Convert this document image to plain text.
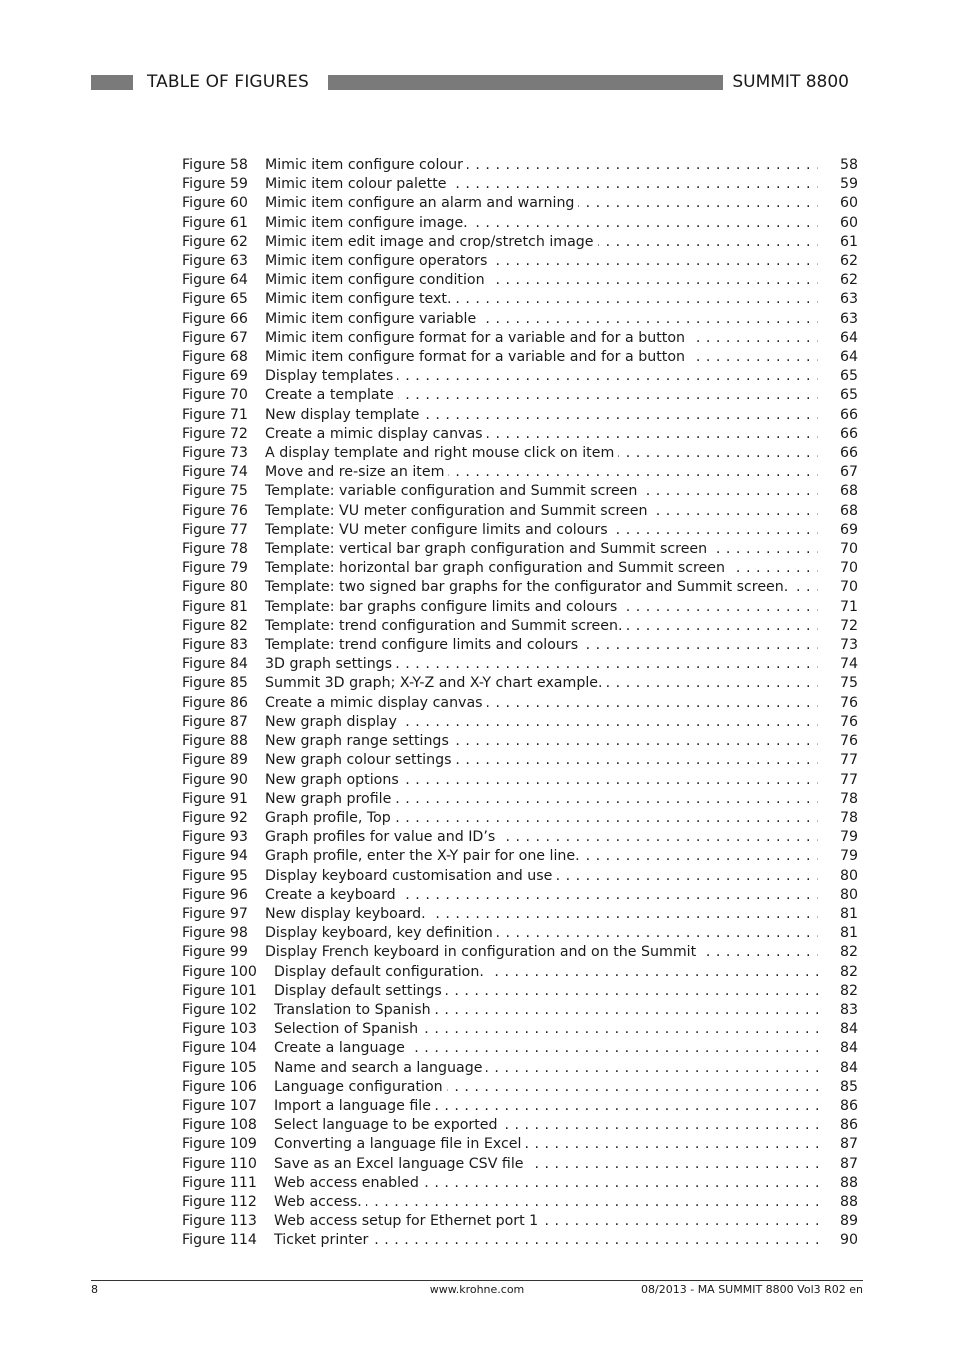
TABLE OF FIGURES	SUMMIT 8800
Figure 58 Mimic item configure colour . . .	58
Figure 59 Mimic item colour palette . . .	59
Figure 60 Mimic item configure an alarm and warning . . .	60
Figure 61 Mimic item configure image. . . .	60
Figure 62 Mimic item edit image and crop/stretch image . . .	61
Figure 63 Mimic item configure operators . . .	62
Figure 64 Mimic item configure condition . . .	62
Figure 65 Mimic item configure text. . . .	63
Figure 66 Mimic item configure variable . . .	63
Figure 67 Mimic item configure format for a variable and for a button . . .	64
Figure 68 Mimic item configure format for a variable and for a button . . .	64
Figure 69 Display templates . . .	65
Figure 70 Create a template . . .	65
Figure 71 New display template . . .	66
Figure 72 Create a mimic display canvas . . .	66
Figure 73 A display template and right mouse click on item . . .	66
Figure 74 Move and re-size an item . . .	67
Figure 75 Template: variable configuration and Summit screen . . .	68
Figure 76 Template: VU meter configuration and Summit screen . . .	68
Figure 77 Template: VU meter configure limits and colours . . .	69
Figure 78 Template: vertical bar graph configuration and Summit screen . . .	70
Figure 79 Template: horizontal bar graph configuration and Summit screen . . .	70
Figure 80 Template: two signed bar graphs for the configurator and Summit screen. . . .	70
Figure 81 Template: bar graphs configure limits and colours . . .	71
Figure 82 Template: trend configuration and Summit screen. . . .	72
Figure 83 Template: trend configure limits and colours . . .	73
Figure 84 3D graph settings . . .	74
Figure 85 Summit 3D graph; X-Y-Z and X-Y chart example. . . .	75
Figure 86 Create a mimic display canvas . . .	76
Figure 87 New graph display . . .	76
Figure 88 New graph range settings . . .	76
Figure 89 New graph colour settings . . .	77
Figure 90 New graph options . . .	77
Figure 91 New graph profile . . .	78
Figure 92 Graph profile, Top . . .	78
Figure 93 Graph profiles for value and ID’s . . .	79
Figure 94 Graph profile, enter the X-Y pair for one line. . . .	79
Figure 95 Display keyboard customisation and use . . .	80
Figure 96 Create a keyboard . . .	80
Figure 97 New display keyboard. . . .	81
Figure 98 Display keyboard, key definition . . .	81
Figure 99 Display French keyboard in configuration and on the Summit . . .	82
Figure 100 Display default configuration. . . .	82
Figure 101 Display default settings . . .	82
Figure 102 Translation to Spanish . . .	83
Figure 103 Selection of Spanish . . .	84
Figure 104 Create a language . . .	84
Figure 105 Name and search a language . . .	84
Figure 106 Language configuration . . .	85
Figure 107 Import a language file . . .	86
Figure 108 Select language to be exported . . .	86
Figure 109 Converting a language file in Excel . . .	87
Figure 110 Save as an Excel language CSV file . . .	87
Figure 111 Web access enabled . . .	88
Figure 112 Web access. . . .	88
Figure 113 Web access setup for Ethernet port 1 . . .	89
Figure 114 Ticket printer . . .	90
8	www.krohne.com	08/2013 - MA SUMMIT 8800 Vol3 R02 en
